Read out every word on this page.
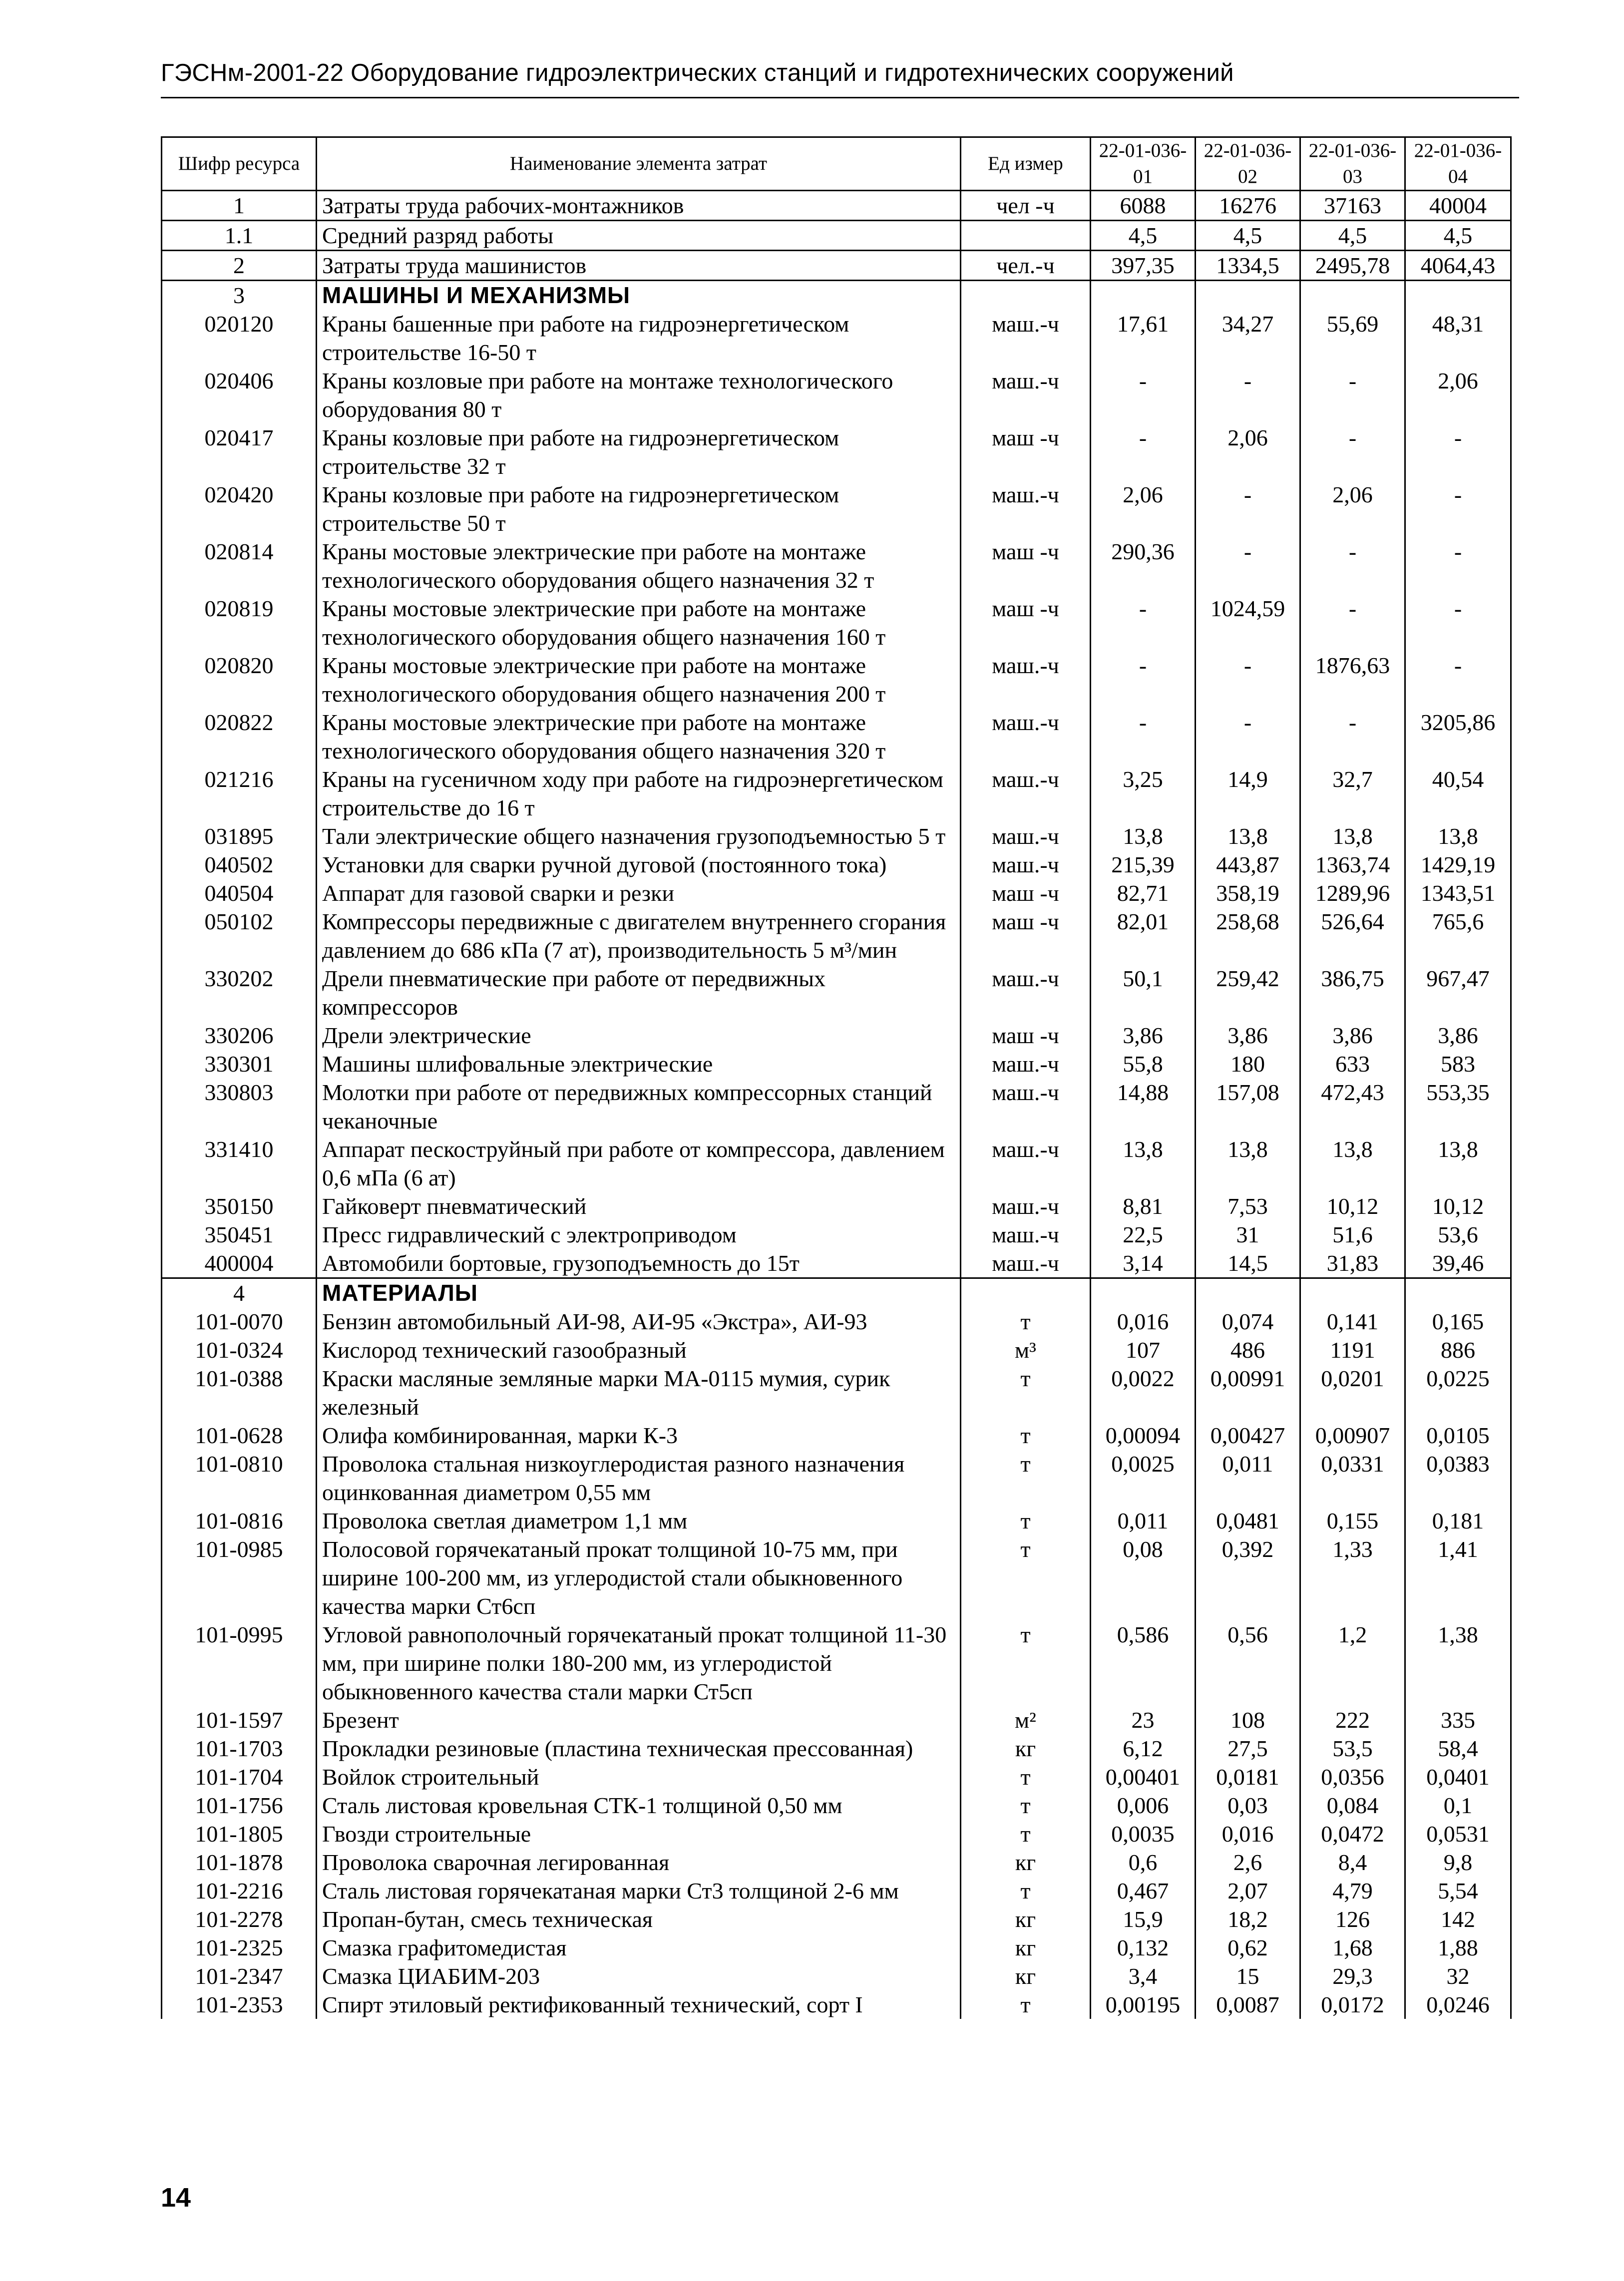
ГЭСНм-2001-22 Оборудование гидроэлектрических станций и гидротехнических сооружений
Шифр ресурса	Наименование элемента затрат	Ед измер	22-01-036-01	22-01-036-02	22-01-036-03	22-01-036-04
1	Затраты труда рабочих-монтажников	чел -ч	6088	16276	37163	40004
1.1	Средний разряд работы		4,5	4,5	4,5	4,5
2	Затраты труда машинистов	чел.-ч	397,35	1334,5	2495,78	4064,43
3	МАШИНЫ И МЕХАНИЗМЫ					
020120	Краны башенные при работе на гидроэнергетическом строительстве 16-50 т	маш.-ч	17,61	34,27	55,69	48,31
020406	Краны козловые при работе на монтаже технологического оборудования 80 т	маш.-ч	-	-	-	2,06
020417	Краны козловые при работе на гидроэнергетическом строительстве 32 т	маш -ч	-	2,06	-	-
020420	Краны козловые при работе на гидроэнергетическом строительстве 50 т	маш.-ч	2,06	-	2,06	-
020814	Краны мостовые электрические при работе на монтаже технологического оборудования общего назначения 32 т	маш -ч	290,36	-	-	-
020819	Краны мостовые электрические при работе на монтаже технологического оборудования общего назначения 160 т	маш -ч	-	1024,59	-	-
020820	Краны мостовые электрические при работе на монтаже технологического оборудования общего назначения 200 т	маш.-ч	-	-	1876,63	-
020822	Краны мостовые электрические при работе на монтаже технологического оборудования общего назначения 320 т	маш.-ч	-	-	-	3205,86
021216	Краны на гусеничном ходу при работе на гидроэнергетическом строительстве до 16 т	маш.-ч	3,25	14,9	32,7	40,54
031895	Тали электрические общего назначения грузоподъемностью 5 т	маш.-ч	13,8	13,8	13,8	13,8
040502	Установки для сварки ручной дуговой (постоянного тока)	маш.-ч	215,39	443,87	1363,74	1429,19
040504	Аппарат для газовой сварки и резки	маш -ч	82,71	358,19	1289,96	1343,51
050102	Компрессоры передвижные с двигателем внутреннего сгорания давлением до 686 кПа (7 ат), производительность 5 м³/мин	маш -ч	82,01	258,68	526,64	765,6
330202	Дрели пневматические при работе от передвижных компрессоров	маш.-ч	50,1	259,42	386,75	967,47
330206	Дрели электрические	маш -ч	3,86	3,86	3,86	3,86
330301	Машины шлифовальные электрические	маш.-ч	55,8	180	633	583
330803	Молотки при работе от передвижных компрессорных станций чеканочные	маш.-ч	14,88	157,08	472,43	553,35
331410	Аппарат пескоструйный при работе от компрессора, давлением 0,6 мПа (6 ат)	маш.-ч	13,8	13,8	13,8	13,8
350150	Гайковерт пневматический	маш.-ч	8,81	7,53	10,12	10,12
350451	Пресс гидравлический с электроприводом	маш.-ч	22,5	31	51,6	53,6
400004	Автомобили бортовые, грузоподъемность до 15т	маш.-ч	3,14	14,5	31,83	39,46
4	МАТЕРИАЛЫ					
101-0070	Бензин автомобильный АИ-98, АИ-95 «Экстра», АИ-93	т	0,016	0,074	0,141	0,165
101-0324	Кислород технический газообразный	м³	107	486	1191	886
101-0388	Краски масляные земляные марки МА-0115 мумия, сурик железный	т	0,0022	0,00991	0,0201	0,0225
101-0628	Олифа комбинированная, марки К-3	т	0,00094	0,00427	0,00907	0,0105
101-0810	Проволока стальная низкоуглеродистая разного назначения оцинкованная диаметром 0,55 мм	т	0,0025	0,011	0,0331	0,0383
101-0816	Проволока светлая диаметром 1,1 мм	т	0,011	0,0481	0,155	0,181
101-0985	Полосовой горячекатаный прокат толщиной 10-75 мм, при ширине 100-200 мм, из углеродистой стали обыкновенного качества марки Ст6сп	т	0,08	0,392	1,33	1,41
101-0995	Угловой равнополочный горячекатаный прокат толщиной 11-30 мм, при ширине полки 180-200 мм, из углеродистой обыкновенного качества стали марки Ст5сп	т	0,586	0,56	1,2	1,38
101-1597	Брезент	м²	23	108	222	335
101-1703	Прокладки резиновые (пластина техническая прессованная)	кг	6,12	27,5	53,5	58,4
101-1704	Войлок строительный	т	0,00401	0,0181	0,0356	0,0401
101-1756	Сталь листовая кровельная СТК-1 толщиной 0,50 мм	т	0,006	0,03	0,084	0,1
101-1805	Гвозди строительные	т	0,0035	0,016	0,0472	0,0531
101-1878	Проволока сварочная легированная	кг	0,6	2,6	8,4	9,8
101-2216	Сталь листовая горячекатаная марки Ст3 толщиной 2-6 мм	т	0,467	2,07	4,79	5,54
101-2278	Пропан-бутан, смесь техническая	кг	15,9	18,2	126	142
101-2325	Смазка графитомедистая	кг	0,132	0,62	1,68	1,88
101-2347	Смазка ЦИАБИМ-203	кг	3,4	15	29,3	32
101-2353	Спирт этиловый ректификованный технический, сорт I	т	0,00195	0,0087	0,0172	0,0246
14
